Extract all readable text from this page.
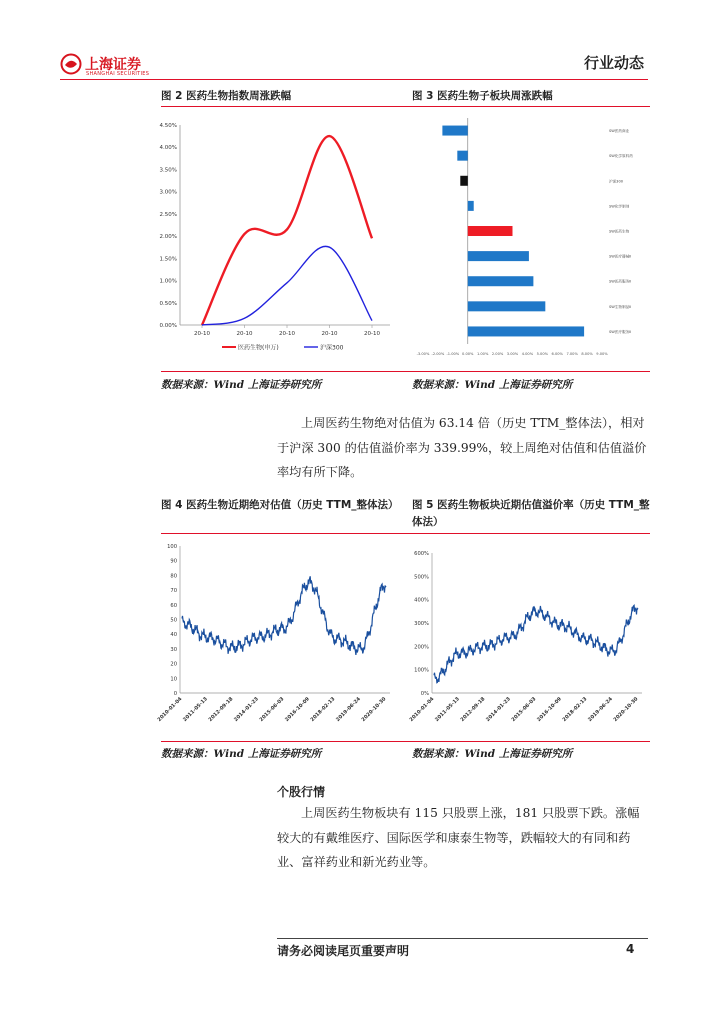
上海证券
SHANGHAI SECURITIES
行业动态
图 2 医药生物指数周涨跌幅	图 3 医药生物子板块周涨跌幅
0.00%
0.50%
1.00%
1.50%
2.00%
2.50%
3.00%
3.50%
4.00%
4.50%
20-10	20-10	20-10	20-10	20-10
医药生物(申万)	沪深300
SW医药商业
SW化学原料药
沪深300
SW化学制剂
SW医药生物
SW医疗器械Ⅱ
SW医药服务Ⅱ
SW生物制品Ⅱ
SW医疗服务Ⅱ
-3.00% -2.00% -1.00% 0.00% 1.00% 2.00% 3.00% 4.00% 5.00% 6.00% 7.00% 8.00% 9.00%
数据来源：Wind 上海证券研究所	数据来源：Wind 上海证券研究所

上周医药生物绝对估值为 63.14 倍（历史 TTM_整体法），相对于沪深 300 的估值溢价率为 339.99%，较上周绝对估值和估值溢价率均有所下降。

图 4 医药生物近期绝对估值（历史 TTM_整体法） 图 5 医药生物板块近期估值溢价率（历史 TTM_整体法）
0
10
20
30
40
50
60
70
80
90
100
2010-01-04
2011-05-13
2012-09-18
2014-01-23
2015-06-03
2016-10-09
2018-02-13
2019-06-24
2020-10-30
0%
100%
200%
300%
400%
500%
600%
2010-01-04
2011-05-13
2012-09-18
2014-01-23
2015-06-03
2016-10-09
2018-02-13
2019-06-24
2020-10-30
数据来源：Wind 上海证券研究所	数据来源：Wind 上海证券研究所
个股行情

上周医药生物板块有 115 只股票上涨，181 只股票下跌。涨幅较大的有戴维医疗、国际医学和康泰生物等，跌幅较大的有同和药业、富祥药业和新光药业等。

请务必阅读尾页重要声明	4
